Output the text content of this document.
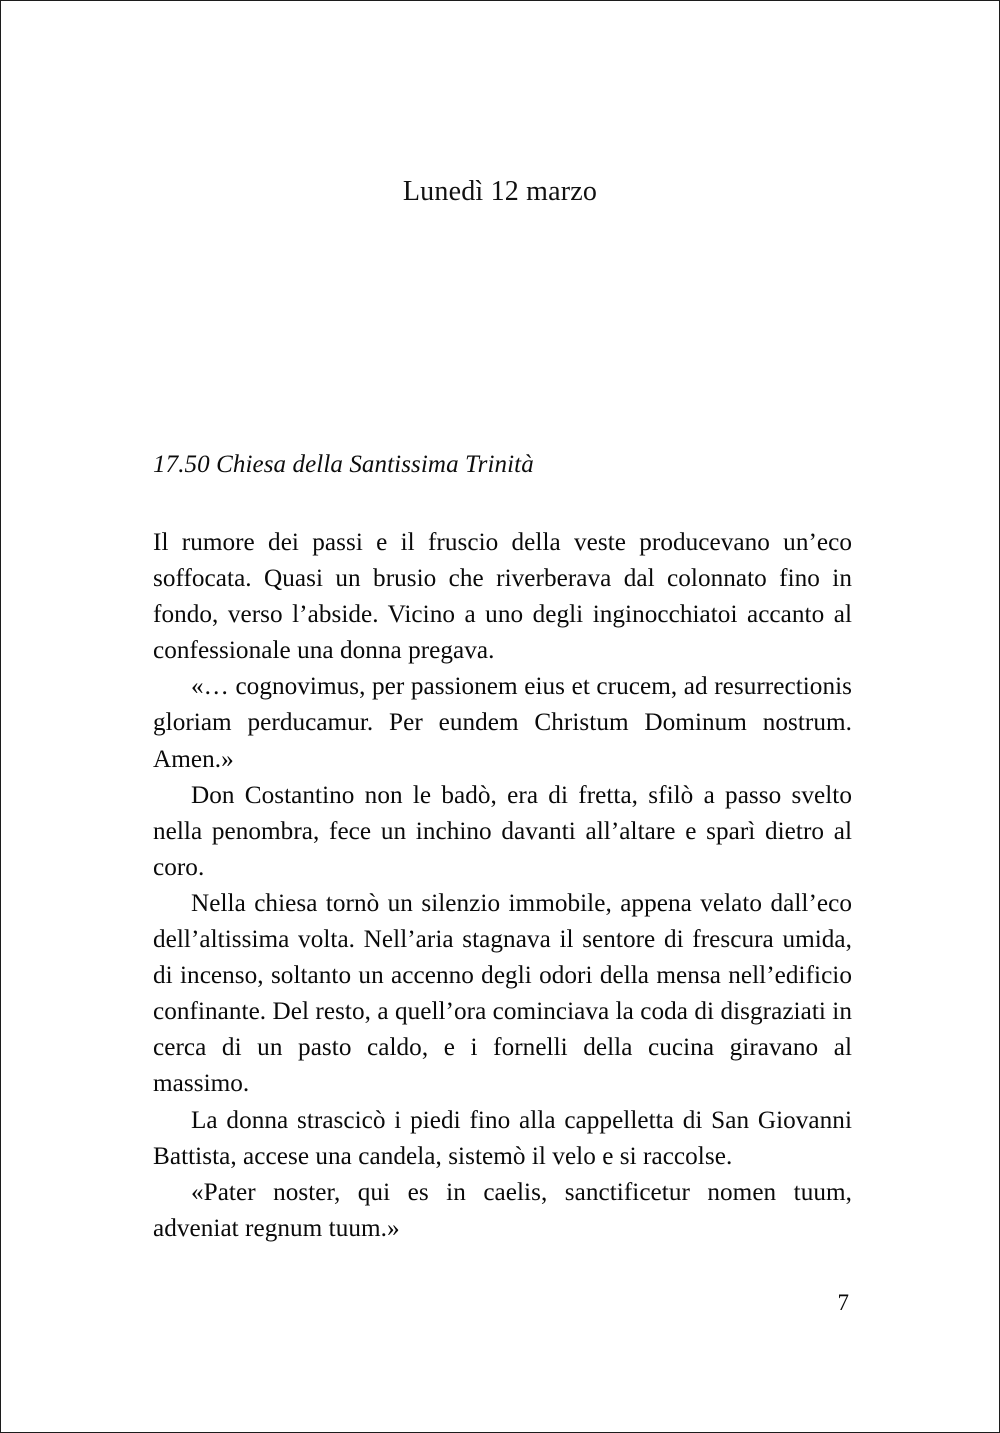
Lunedì 12 marzo
17.50 Chiesa della Santissima Trinità

Il rumore dei passi e il fruscio della veste producevano un’eco soffocata. Quasi un brusio che riverberava dal colonnato fino in fondo, verso l’abside. Vicino a uno degli inginocchiatoi accanto al confessionale una donna pregava.

«… cognovimus, per passionem eius et crucem, ad resurrectionis gloriam perducamur. Per eundem Christum Dominum nostrum. Amen.»

Don Costantino non le badò, era di fretta, sfilò a passo svelto nella penombra, fece un inchino davanti all’altare e sparì dietro al coro.

Nella chiesa tornò un silenzio immobile, appena velato dall’eco dell’altissima volta. Nell’aria stagnava il sentore di frescura umida, di incenso, soltanto un accenno degli odori della mensa nell’edificio confinante. Del resto, a quell’ora cominciava la coda di disgraziati in cerca di un pasto caldo, e i fornelli della cucina giravano al massimo.

La donna strascicò i piedi fino alla cappelletta di San Giovanni Battista, accese una candela, sistemò il velo e si raccolse.

«Pater noster, qui es in caelis, sanctificetur nomen tuum, adveniat regnum tuum.»

7
